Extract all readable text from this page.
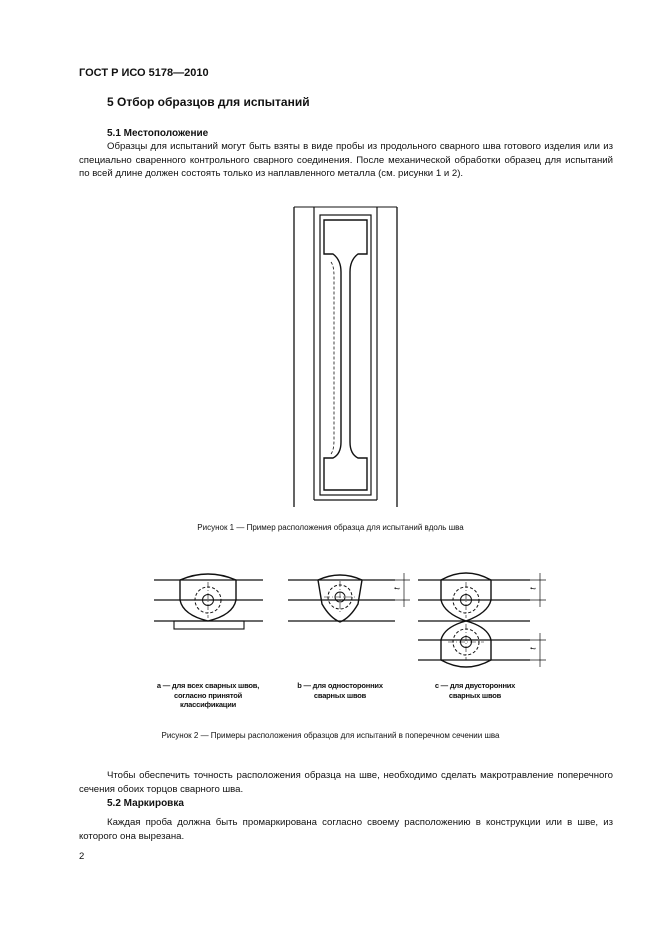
ГОСТ Р ИСО 5178—2010
5 Отбор образцов для испытаний
5.1 Местоположение

Образцы для испытаний могут быть взяты в виде пробы из продольного сварного шва готового изделия или из специально сваренного контрольного сварного соединения. После механической обработки образец для испытаний по всей длине должен состоять только из наплавленного металла (см. рисунки 1 и 2).

Рисунок 1 — Пример расположения образца для испытаний вдоль шва
t	t
t
a — для всех сварных швов,
согласно принятой
классификации
b — для односторонних
сварных швов
c — для двусторонних
сварных швов
Рисунок 2 — Примеры расположения образцов для испытаний в поперечном сечении шва

Чтобы обеспечить точность расположения образца на шве, необходимо сделать макротравление поперечного сечения обоих торцов сварного шва.

5.2 Маркировка

Каждая проба должна быть промаркирована согласно своему расположению в конструкции или в шве, из которого она вырезана.

2
